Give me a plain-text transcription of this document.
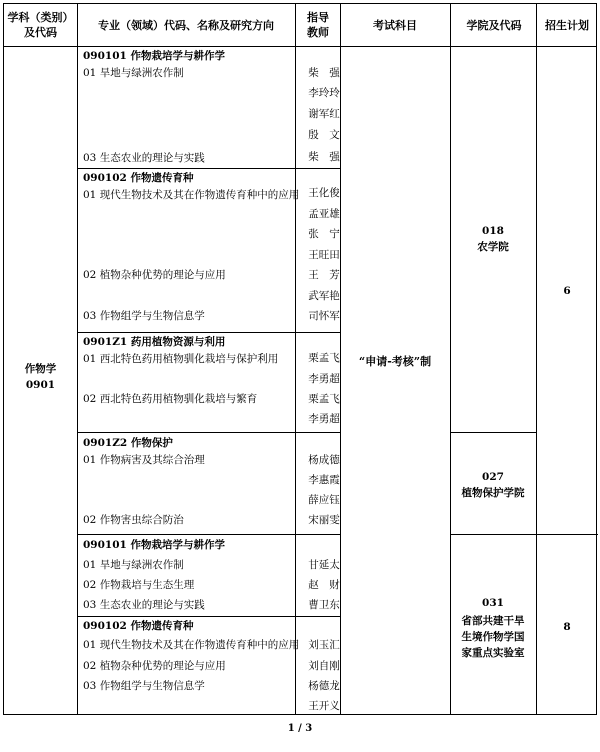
学科（类别）及代码
专业（领域）代码、名称及研究方向
指导教师
考试科目	学院及代码	招生计划
作物学
0901
“申请-考核”制
018
农学院
027
植物保护学院
031
省部共建干旱
生境作物学国
家重点实验室
6
8
090101 作物栽培学与耕作学
01 旱地与绿洲农作制
03 生态农业的理论与实践
柴　强
李玲玲
谢军红
殷　文
柴　强
090102 作物遗传育种
01 现代生物技术及其在作物遗传育种中的应用
02 植物杂种优势的理论与应用
03 作物组学与生物信息学
王化俊
孟亚雄
张　宁
王旺田
王　芳
武军艳
司怀军
0901Z1 药用植物资源与利用
01 西北特色药用植物驯化栽培与保护利用
02 西北特色药用植物驯化栽培与繁育
栗孟飞
李勇超
栗孟飞
李勇超
0901Z2 作物保护
01 作物病害及其综合治理
02 作物害虫综合防治
杨成德
李惠霞
薛应钰
宋丽雯
090101 作物栽培学与耕作学
01 旱地与绿洲农作制
02 作物栽培与生态生理
03 生态农业的理论与实践
甘延太
赵　财
曹卫东
090102 作物遗传育种
01 现代生物技术及其在作物遗传育种中的应用
02 植物杂种优势的理论与应用
03 作物组学与生物信息学
刘玉汇
刘自刚
杨德龙
王开义
1 / 3
